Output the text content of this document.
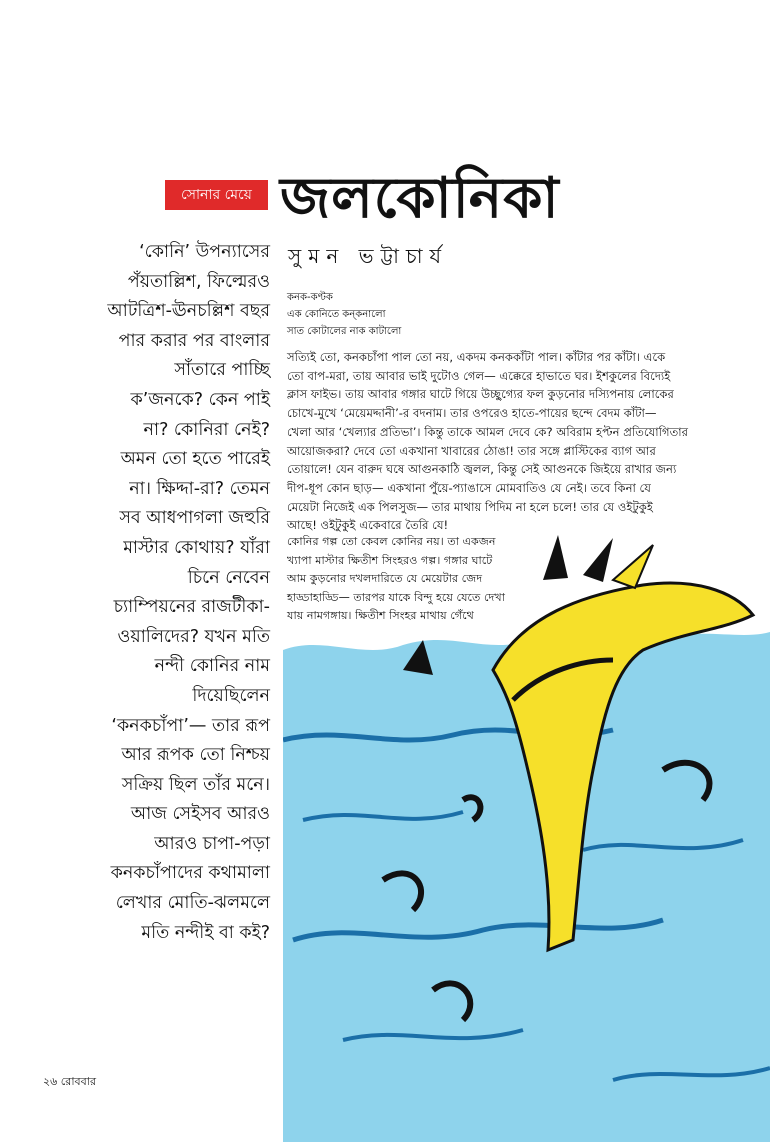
সোনার মেয়ে জলকোনিকা
সুমন ভট্টাচার্য
‘কোনি’ উপন্যাসের
পঁয়তাল্লিশ, ফিল্মেরও
আটত্রিশ-ঊনচল্লিশ বছর
পার করার পর বাংলার
সাঁতারে পাচ্ছি
ক’জনকে? কেন পাই
না? কোনিরা নেই?
অমন তো হতে পারেই
না। ক্ষিদ্দা-রা? তেমন
সব আধপাগলা জহুরি
মাস্টার কোথায়? যাঁরা
চিনে নেবেন
চ্যাম্পিয়নের রাজটীকা-
ওয়ালিদের? যখন মতি
নন্দী কোনির নাম
দিয়েছিলেন
‘কনকচাঁপা’— তার রূপ
আর রূপক তো নিশ্চয়
সক্রিয় ছিল তাঁর মনে।
আজ সেইসব আরও
আরও চাপা-পড়া
কনকচাঁপাদের কথামালা
লেখার মোতি-ঝলমলে
মতি নন্দীই বা কই?
কনক-কণ্টক
এক কোনিতে কন্কনালো
সাত কোটালের নাক কাটালো
সত্যিই তো, কনকচাঁপা পাল তো নয়, একদম কনককাঁটা পাল। কাঁটার পর কাঁটা। একে
তো বাপ-মরা, তায় আবার ভাই দুটোও গেল— এক্কেরে হাভাতে ঘর। ইশকুলের বিদ্যেই
ক্লাস ফাইভ। তায় আবার গঙ্গার ঘাটে গিয়ে উচ্ছুগ্যের ফল কুড়নোর দস্যিপনায় লোকের
চোখে-মুখে ‘মেয়েমদ্দানী’-র বদনাম। তার ওপরেও হাতে-পায়ের ছন্দে বেদম কাঁটা—
খেলা আর ‘খেল্যার প্রতিভা’। কিন্তু তাকে আমল দেবে কে? অবিরাম হপ্টন প্রতিযোগিতার
আয়োজকরা? দেবে তো একখানা খাবারের ঠোঙা! তার সঙ্গে প্লাস্টিকের ব্যাগ আর
তোয়ালে! যেন বারুদ ঘষে আগুনকাঠি জ্বলল, কিন্তু সেই আগুনকে জিইয়ে রাখার জন্য
দীপ-ধূপ কোন ছাড়— একখানা পুঁয়ে-প্যাঙাসে মোমবাতিও যে নেই। তবে কিনা যে
মেয়েটা নিজেই এক পিলসুজ— তার মাথায় পিদিম না হলে চলে! তার যে ওইটুকুই
আছে! ওইটুকুই একেবারে তৈরি যে!
কোনির গল্প তো কেবল কোনির নয়। তা একজন
খ্যাপা মাস্টার ক্ষিতীশ সিংহরও গল্প। গঙ্গার ঘাটে
আম কুড়নোর দখলদারিতে যে মেয়েটার জেদ
হাড্ডাহাড্ডি— তারপর যাকে বিন্দু হয়ে যেতে দেখা
যায় নামগঙ্গায়। ক্ষিতীশ সিংহর মাথায় গেঁথে
২৬ রোববার
